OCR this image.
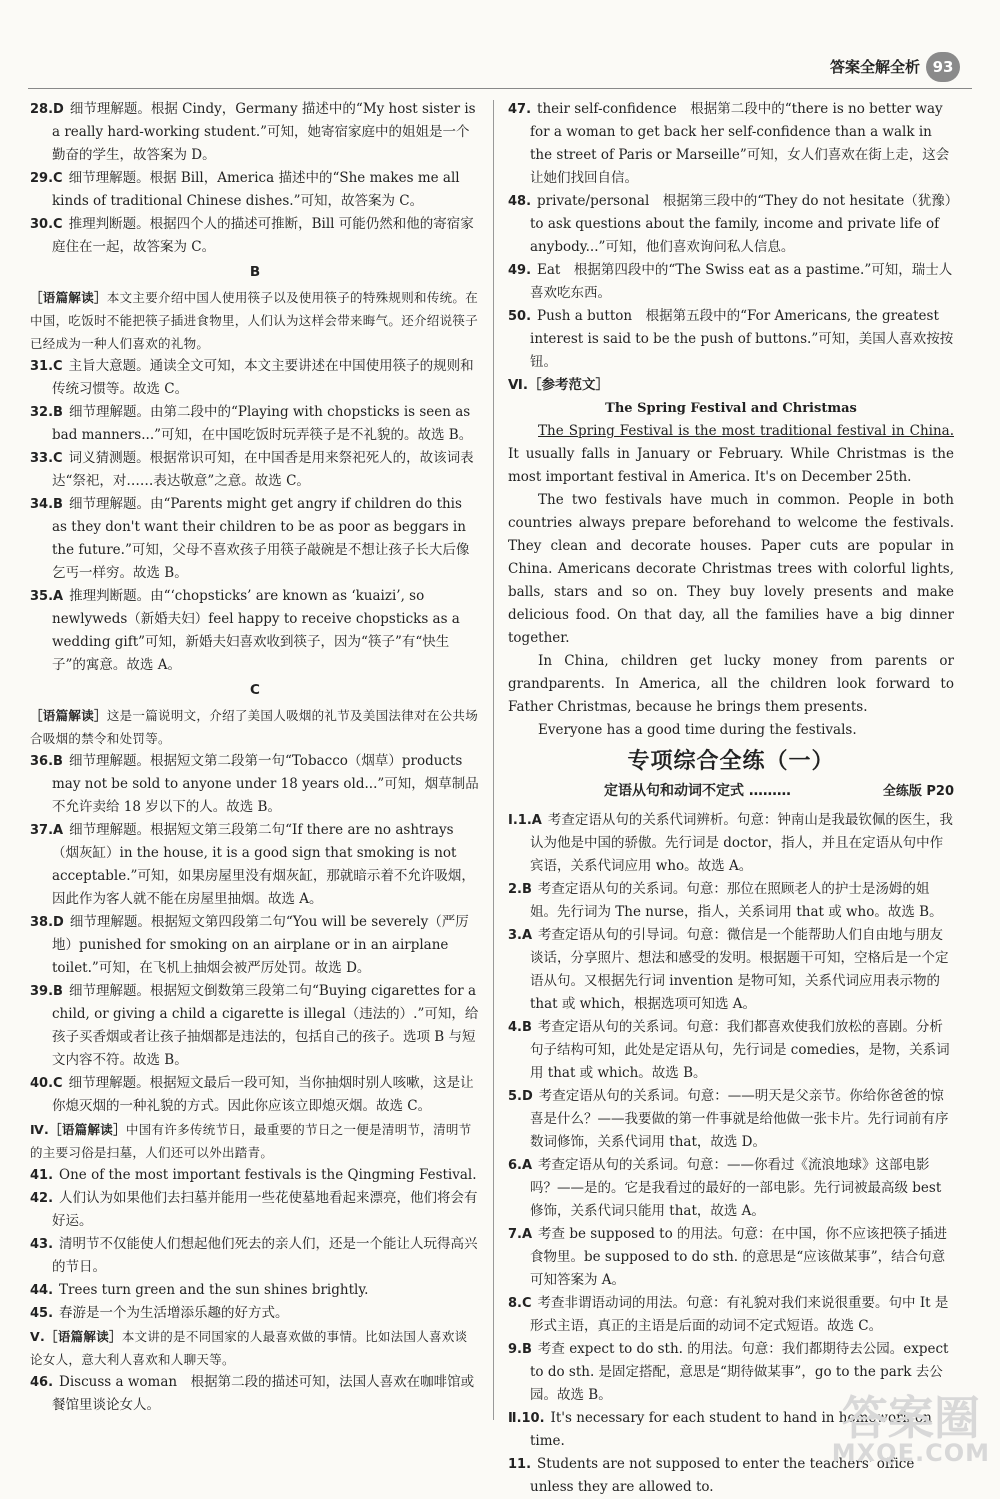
答案全解全析 93

28.D 细节理解题。根据 Cindy，Germany 描述中的“My host sister is a really hard-working student.”可知，她寄宿家庭中的姐姐是一个勤奋的学生，故答案为 D。

29.C 细节理解题。根据 Bill，America 描述中的“She makes me all kinds of traditional Chinese dishes.”可知，故答案为 C。

30.C 推理判断题。根据四个人的描述可推断，Bill 可能仍然和他的寄宿家庭住在一起，故答案为 C。

B

［语篇解读］本文主要介绍中国人使用筷子以及使用筷子的特殊规则和传统。在中国，吃饭时不能把筷子插进食物里，人们认为这样会带来晦气。还介绍说筷子已经成为一种人们喜欢的礼物。

31.C 主旨大意题。通读全文可知，本文主要讲述在中国使用筷子的规则和传统习惯等。故选 C。

32.B 细节理解题。由第二段中的“Playing with chopsticks is seen as bad manners...”可知，在中国吃饭时玩弄筷子是不礼貌的。故选 B。

33.C 词义猜测题。根据常识可知，在中国香是用来祭祀死人的，故该词表达“祭祀，对……表达敬意”之意。故选 C。

34.B 细节理解题。由“Parents might get angry if children do this as they don't want their children to be as poor as beggars in the future.”可知，父母不喜欢孩子用筷子敲碗是不想让孩子长大后像乞丐一样穷。故选 B。

35.A 推理判断题。由“‘chopsticks’ are known as ‘kuaizi’, so newlyweds（新婚夫妇）feel happy to receive chopsticks as a wedding gift”可知，新婚夫妇喜欢收到筷子，因为“筷子”有“快生子”的寓意。故选 A。

C

［语篇解读］这是一篇说明文，介绍了美国人吸烟的礼节及美国法律对在公共场合吸烟的禁令和处罚等。

36.B 细节理解题。根据短文第二段第一句“Tobacco（烟草）products may not be sold to anyone under 18 years old...”可知，烟草制品不允许卖给 18 岁以下的人。故选 B。

37.A 细节理解题。根据短文第三段第二句“If there are no ashtrays（烟灰缸）in the house, it is a good sign that smoking is not acceptable.”可知，如果房屋里没有烟灰缸，那就暗示着不允许吸烟，因此作为客人就不能在房屋里抽烟。故选 A。

38.D 细节理解题。根据短文第四段第二句“You will be severely（严厉地）punished for smoking on an airplane or in an airplane toilet.”可知，在飞机上抽烟会被严厉处罚。故选 D。

39.B 细节理解题。根据短文倒数第三段第二句“Buying cigarettes for a child, or giving a child a cigarette is illegal（违法的）.”可知，给孩子买香烟或者让孩子抽烟都是违法的，包括自己的孩子。选项 B 与短文内容不符。故选 B。

40.C 细节理解题。根据短文最后一段可知，当你抽烟时别人咳嗽，这是让你熄灭烟的一种礼貌的方式。因此你应该立即熄灭烟。故选 C。

Ⅳ.［语篇解读］中国有许多传统节日，最重要的节日之一便是清明节，清明节的主要习俗是扫墓，人们还可以外出踏青。

41. One of the most important festivals is the Qingming Festival.

42. 人们认为如果他们去扫墓并能用一些花使墓地看起来漂亮，他们将会有好运。

43. 清明节不仅能使人们想起他们死去的亲人们，还是一个能让人玩得高兴的节日。

44. Trees turn green and the sun shines brightly.

45. 春游是一个为生活增添乐趣的好方式。

Ⅴ.［语篇解读］本文讲的是不同国家的人最喜欢做的事情。比如法国人喜欢谈论女人，意大利人喜欢和人聊天等。

46. Discuss a woman　根据第二段的描述可知，法国人喜欢在咖啡馆或餐馆里谈论女人。

47. their self-confidence　根据第二段中的“there is no better way for a woman to get back her self-confidence than a walk in the street of Paris or Marseille”可知，女人们喜欢在街上走，这会让她们找回自信。

48. private/personal　根据第三段中的“They do not hesitate（犹豫）to ask questions about the family, income and private life of anybody...”可知，他们喜欢询问私人信息。

49. Eat　根据第四段中的“The Swiss eat as a pastime.”可知，瑞士人喜欢吃东西。

50. Push a button　根据第五段中的“For Americans, the greatest interest is said to be the push of buttons.”可知，美国人喜欢按按钮。

Ⅵ.［参考范文］

The Spring Festival and Christmas

The Spring Festival is the most traditional festival in China. It usually falls in January or February. While Christmas is the most important festival in America. It's on December 25th.

The two festivals have much in common. People in both countries always prepare beforehand to welcome the festivals. They clean and decorate houses. Paper cuts are popular in China. Americans decorate Christmas trees with colorful lights, balls, stars and so on. They buy lovely presents and make delicious food. On that day, all the families have a big dinner together.

In China, children get lucky money from parents or grandparents. In America, all the children look forward to Father Christmas, because he brings them presents.

Everyone has a good time during the festivals.

专项综合全练（一）
定语从句和动词不定式 ………	全练版 P20

Ⅰ.1.A 考查定语从句的关系代词辨析。句意：钟南山是我最钦佩的医生，我认为他是中国的骄傲。先行词是 doctor，指人，并且在定语从句中作宾语，关系代词应用 who。故选 A。

2.B 考查定语从句的关系词。句意：那位在照顾老人的护士是汤姆的姐姐。先行词为 The nurse，指人，关系词用 that 或 who。故选 B。

3.A 考查定语从句的引导词。句意：微信是一个能帮助人们自由地与朋友谈话，分享照片、想法和感受的发明。根据题干可知，空格后是一个定语从句。又根据先行词 invention 是物可知，关系代词应用表示物的 that 或 which，根据选项可知选 A。

4.B 考查定语从句的关系词。句意：我们都喜欢使我们放松的喜剧。分析句子结构可知，此处是定语从句，先行词是 comedies，是物，关系词用 that 或 which。故选 B。

5.D 考查定语从句的关系词。句意：——明天是父亲节。你给你爸爸的惊喜是什么？——我要做的第一件事就是给他做一张卡片。先行词前有序数词修饰，关系代词用 that，故选 D。

6.A 考查定语从句的关系词。句意：——你看过《流浪地球》这部电影吗？——是的。它是我看过的最好的一部电影。先行词被最高级 best 修饰，关系代词只能用 that，故选 A。

7.A 考查 be supposed to 的用法。句意：在中国，你不应该把筷子插进食物里。be supposed to do sth. 的意思是“应该做某事”，结合句意可知答案为 A。

8.C 考查非谓语动词的用法。句意：有礼貌对我们来说很重要。句中 It 是形式主语，真正的主语是后面的动词不定式短语。故选 C。

9.B 考查 expect to do sth. 的用法。句意：我们都期待去公园。expect to do sth. 是固定搭配，意思是“期待做某事”，go to the park 去公园。故选 B。

Ⅱ.10. It's necessary for each student to hand in homework on time.

11. Students are not supposed to enter the teachers' office unless they are allowed to.

答案圈
MXQE.COM
